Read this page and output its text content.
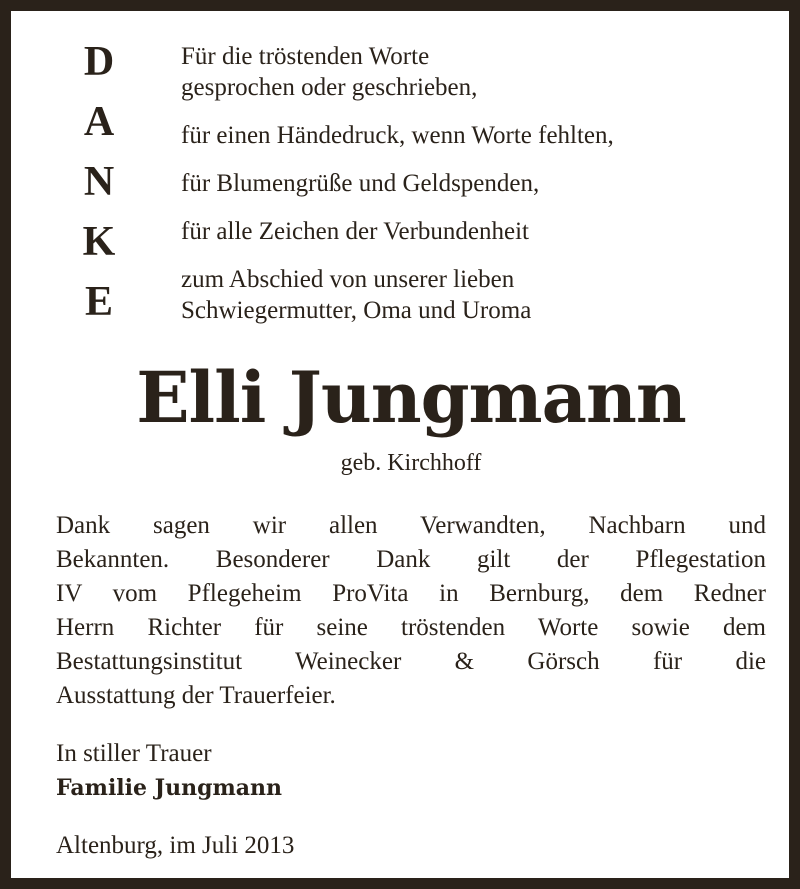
D
A
N
K
E
Für die tröstenden Worte
gesprochen oder geschrieben,
für einen Händedruck, wenn Worte fehlten,
für Blumengrüße und Geldspenden,
für alle Zeichen der Verbundenheit
zum Abschied von unserer lieben
Schwiegermutter, Oma und Uroma
Elli Jungmann
geb. Kirchhoff
Dank sagen wir allen Verwandten, Nachbarn und
Bekannten. Besonderer Dank gilt der Pflegestation
IV vom Pflegeheim ProVita in Bernburg, dem Redner
Herrn Richter für seine tröstenden Worte sowie dem
Bestattungsinstitut Weinecker & Görsch für die
Ausstattung der Trauerfeier.
In stiller Trauer
Familie Jungmann
Altenburg, im Juli 2013
